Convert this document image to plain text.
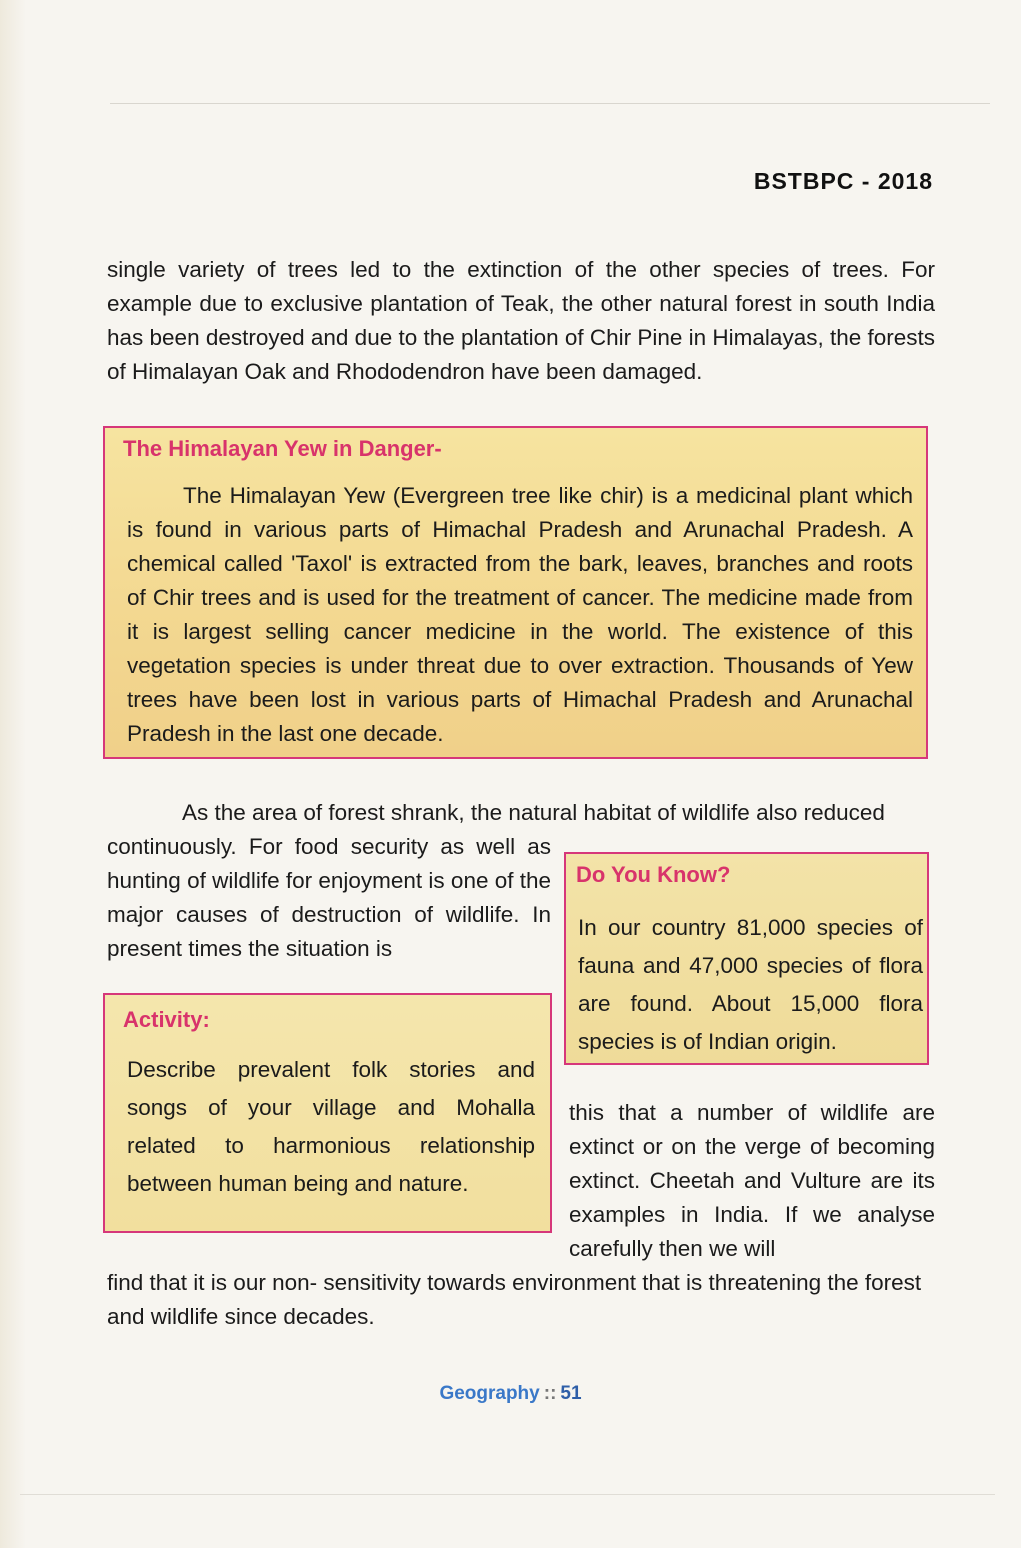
BSTBPC - 2018

single variety of trees led to the extinction of the other species of trees. For example due to exclusive plantation of Teak, the other natural forest in south India has been destroyed and due to the plantation of Chir Pine in Himalayas, the forests of Himalayan Oak and Rhododendron have been damaged.

The Himalayan Yew in Danger-

The Himalayan Yew (Evergreen tree like chir) is a medicinal plant which is found in various parts of Himachal Pradesh and Arunachal Pradesh. A chemical called 'Taxol' is extracted from the bark, leaves, branches and roots of Chir trees and is used for the treatment of cancer. The medicine made from it is largest selling cancer medicine in the world. The existence of this vegetation species is under threat due to over extraction. Thousands of Yew trees have been lost in various parts of Himachal Pradesh and Arunachal Pradesh in the last one decade.

As the area of forest shrank, the natural habitat of wildlife also reduced

continuously. For food security as well as hunting of wildlife for enjoyment is one of the major causes of destruction of wildlife. In present times the situation is

Do You Know?

In our country 81,000 species of fauna and 47,000 species of flora are found. About 15,000 flora species is of Indian origin.

Activity:

Describe prevalent folk stories and songs of your village and Mohalla related to harmonious relationship between human being and nature.

this that a number of wildlife are extinct or on the verge of becoming extinct. Cheetah and Vulture are its examples in India. If we analyse carefully then we will

find that it is our non- sensitivity towards environment that is threatening the forest and wildlife since decades.

Geography :: 51
